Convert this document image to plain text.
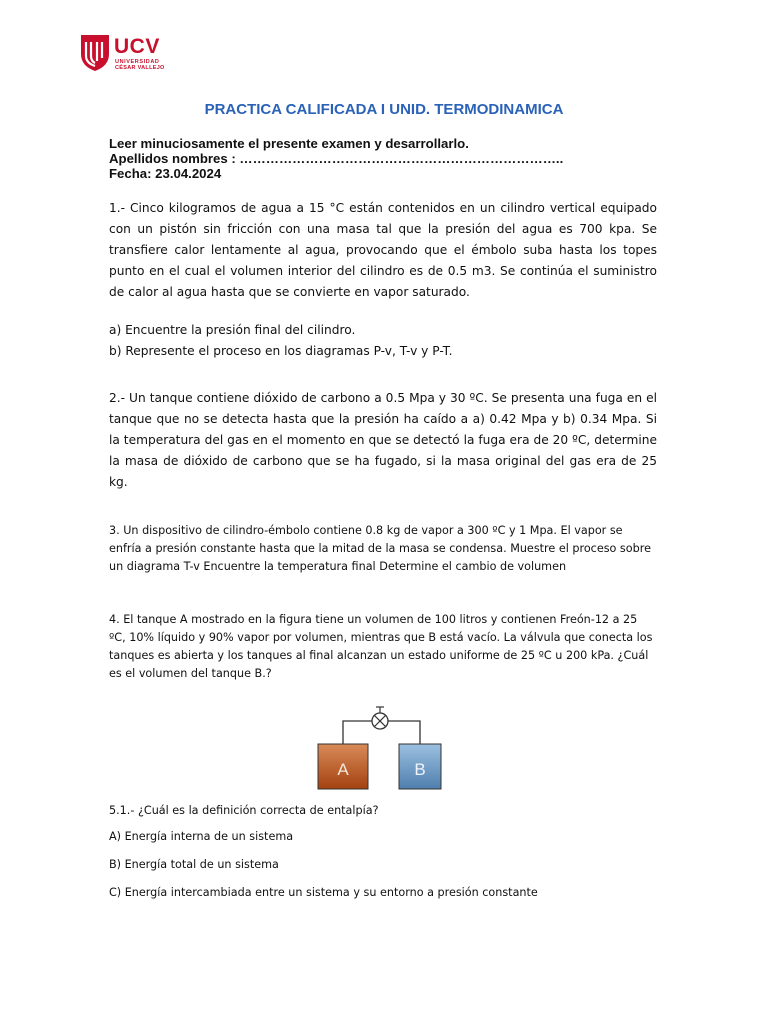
UCV
UNIVERSIDAD
CÉSAR VALLEJO
PRACTICA CALIFICADA I UNID. TERMODINAMICA
Leer minuciosamente el presente examen y desarrollarlo.
Apellidos nombres : ………………………………………………………………..
Fecha: 23.04.2024
1.- Cinco kilogramos de agua a 15 °C están contenidos en un cilindro vertical equipado con un pistón sin fricción con una masa tal que la presión del agua es 700 kpa. Se transfiere calor lentamente al agua, provocando que el émbolo suba hasta los topes punto en el cual el volumen interior del cilindro es de 0.5 m3. Se continúa el suministro de calor al agua hasta que se convierte en vapor saturado.
a) Encuentre la presión final del cilindro.
b) Represente el proceso en los diagramas P-v, T-v y P-T.
2.- Un tanque contiene dióxido de carbono a 0.5 Mpa y 30 ºC. Se presenta una fuga en el tanque que no se detecta hasta que la presión ha caído a a) 0.42 Mpa y b) 0.34 Mpa. Si la temperatura del gas en el momento en que se detectó la fuga era de 20 ºC, determine la masa de dióxido de carbono que se ha fugado, si la masa original del gas era de 25 kg.
3. Un dispositivo de cilindro-émbolo contiene 0.8 kg de vapor a 300 ºC y 1 Mpa. El vapor se enfría a presión constante hasta que la mitad de la masa se condensa. Muestre el proceso sobre un diagrama T-v Encuentre la temperatura final Determine el cambio de volumen
4. El tanque A mostrado en la figura tiene un volumen de 100 litros y contienen Freón-12 a 25 ºC, 10% líquido y 90% vapor por volumen, mientras que B está vacío. La válvula que conecta los tanques es abierta y los tanques al final alcanzan un estado uniforme de 25 ºC u 200 kPa. ¿Cuál es el volumen del tanque B.?
A	B
5.1.- ¿Cuál es la definición correcta de entalpía?
A) Energía interna de un sistema
B) Energía total de un sistema
C) Energía intercambiada entre un sistema y su entorno a presión constante
